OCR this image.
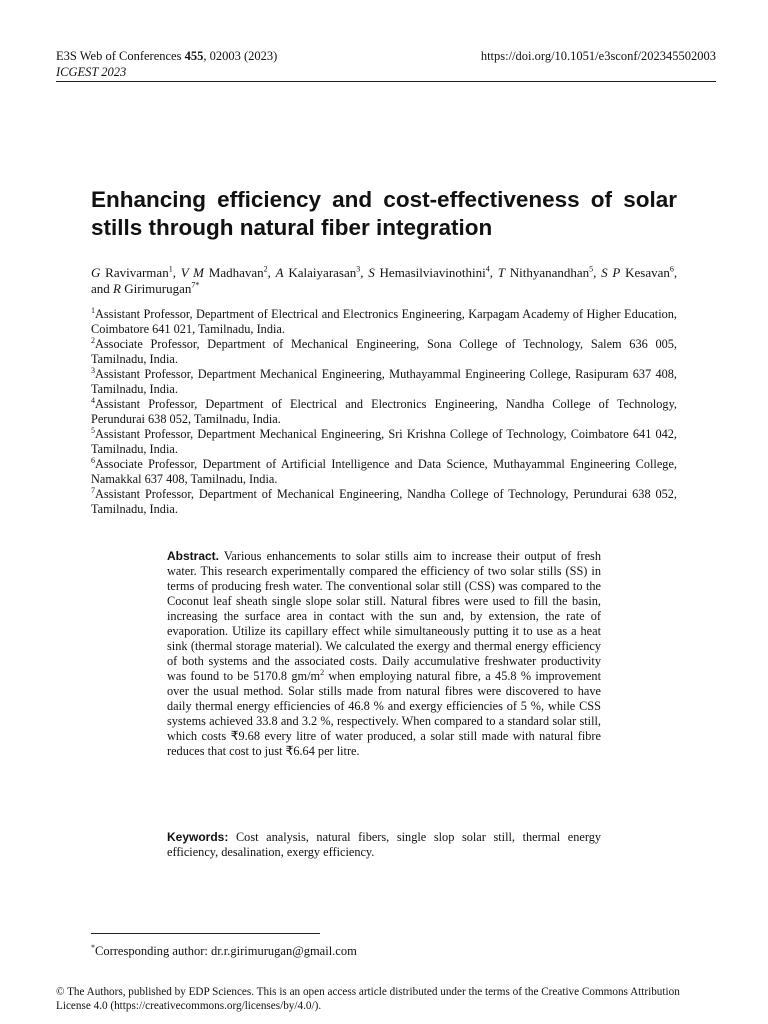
E3S Web of Conferences 455, 02003 (2023)
ICGEST 2023
https://doi.org/10.1051/e3sconf/202345502003
Enhancing efficiency and cost-effectiveness of solar stills through natural fiber integration
G Ravivarman$^1$, V M Madhavan$^2$, A Kalaiyarasan$^3$, S Hemasilviavinothini$^4$, T Nithyanandhan$^5$, S P Kesavan$^6$, and R Girimurugan$^{7*}$
$^1$Assistant Professor, Department of Electrical and Electronics Engineering, Karpagam Academy of Higher Education, Coimbatore 641 021, Tamilnadu, India.
$^2$Associate Professor, Department of Mechanical Engineering, Sona College of Technology, Salem 636 005, Tamilnadu, India.
$^3$Assistant Professor, Department Mechanical Engineering, Muthayammal Engineering College, Rasipuram 637 408, Tamilnadu, India.
$^4$Assistant Professor, Department of Electrical and Electronics Engineering, Nandha College of Technology, Perundurai 638 052, Tamilnadu, India.
$^5$Assistant Professor, Department Mechanical Engineering, Sri Krishna College of Technology, Coimbatore 641 042, Tamilnadu, India.
$^6$Associate Professor, Department of Artificial Intelligence and Data Science, Muthayammal Engineering College, Namakkal 637 408, Tamilnadu, India.
$^7$Assistant Professor, Department of Mechanical Engineering, Nandha College of Technology, Perundurai 638 052, Tamilnadu, India.
Abstract. Various enhancements to solar stills aim to increase their output of fresh water. This research experimentally compared the efficiency of two solar stills (SS) in terms of producing fresh water. The conventional solar still (CSS) was compared to the Coconut leaf sheath single slope solar still. Natural fibres were used to fill the basin, increasing the surface area in contact with the sun and, by extension, the rate of evaporation. Utilize its capillary effect while simultaneously putting it to use as a heat sink (thermal storage material). We calculated the exergy and thermal energy efficiency of both systems and the associated costs. Daily accumulative freshwater productivity was found to be 5170.8 $gm/m^2$ when employing natural fibre, a 45.8 % improvement over the usual method. Solar stills made from natural fibres were discovered to have daily thermal energy efficiencies of 46.8 % and exergy efficiencies of 5 %, while CSS systems achieved 33.8 and 3.2 %, respectively. When compared to a standard solar still, which costs ₹9.68 every litre of water produced, a solar still made with natural fibre reduces that cost to just ₹6.64 per litre.
Keywords: Cost analysis, natural fibers, single slop solar still, thermal energy efficiency, desalination, exergy efficiency.
*Corresponding author: dr.r.girimurugan@gmail.com
© The Authors, published by EDP Sciences. This is an open access article distributed under the terms of the Creative Commons Attribution License 4.0 (https://creativecommons.org/licenses/by/4.0/).
